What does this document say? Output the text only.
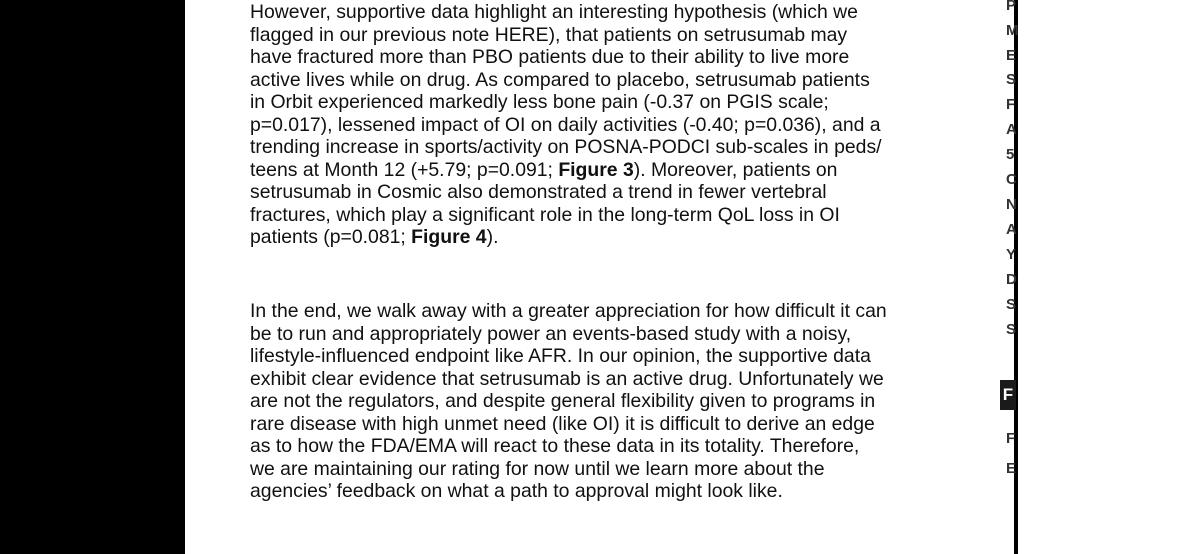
However, supportive data highlight an interesting hypothesis (which we
flagged in our previous note HERE), that patients on setrusumab may
have fractured more than PBO patients due to their ability to live more
active lives while on drug. As compared to placebo, setrusumab patients
in Orbit experienced markedly less bone pain (-0.37 on PGIS scale;
p=0.017), lessened impact of OI on daily activities (-0.40; p=0.036), and a
trending increase in sports/activity on POSNA-PODCI sub-scales in peds/
teens at Month 12 (+5.79; p=0.091; Figure 3). Moreover, patients on
setrusumab in Cosmic also demonstrated a trend in fewer vertebral
fractures, which play a significant role in the long-term QoL loss in OI
patients (p=0.081; Figure 4).

In the end, we walk away with a greater appreciation for how difficult it can
be to run and appropriately power an events-based study with a noisy,
lifestyle-influenced endpoint like AFR. In our opinion, the supportive data
exhibit clear evidence that setrusumab is an active drug. Unfortunately we
are not the regulators, and despite general flexibility given to programs in
rare disease with high unmet need (like OI) it is difficult to derive an edge
as to how the FDA/EMA will react to these data in its totality. Therefore,
we are maintaining our rating for now until we learn more about the
agencies’ feedback on what a path to approval might look like.

P
M
E
S
F
A
5
C
N
A
Y
D
S
S
F
E
F
